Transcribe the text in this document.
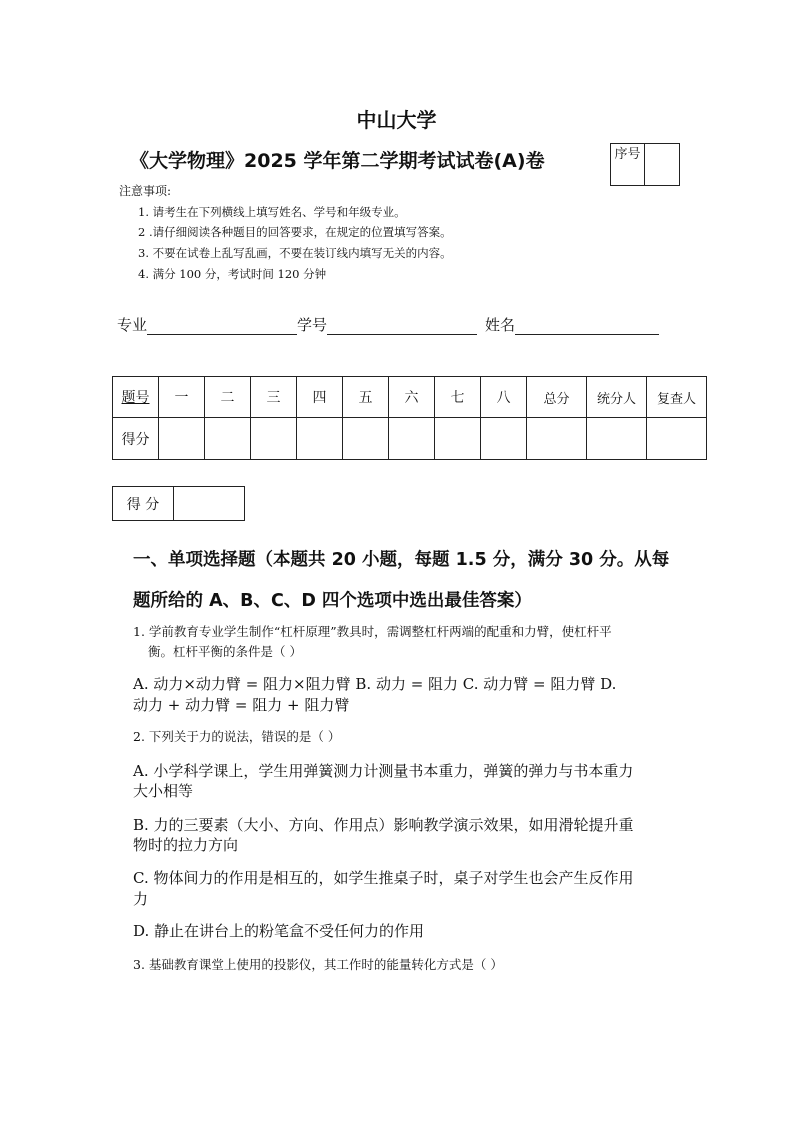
中山大学
《大学物理》2025 学年第二学期考试试卷(A)卷	序号
注意事项:
1. 请考生在下列横线上填写姓名、学号和年级专业。
2 .请仔细阅读各种题目的回答要求，在规定的位置填写答案。
3. 不要在试卷上乱写乱画，不要在装订线内填写无关的内容。
4. 满分 100 分，考试时间 120 分钟
专业	学号	姓名
题号	一	二	三	四	五	六	七	八	总分	统分人	复查人
得分											
得 分
一、单项选择题（本题共 20 小题，每题 1.5 分，满分 30 分。从每
题所给的 A、B、C、D 四个选项中选出最佳答案）
1. 学前教育专业学生制作“杠杆原理”教具时，需调整杠杆两端的配重和力臂，使杠杆平
衡。杠杆平衡的条件是（ ）
A. 动力×动力臂 = 阻力×阻力臂 B. 动力 = 阻力 C. 动力臂 = 阻力臂 D.
动力 + 动力臂 = 阻力 + 阻力臂
2. 下列关于力的说法，错误的是（ ）
A. 小学科学课上，学生用弹簧测力计测量书本重力，弹簧的弹力与书本重力
大小相等
B. 力的三要素（大小、方向、作用点）影响教学演示效果，如用滑轮提升重
物时的拉力方向
C. 物体间力的作用是相互的，如学生推桌子时，桌子对学生也会产生反作用
力
D. 静止在讲台上的粉笔盒不受任何力的作用
3. 基础教育课堂上使用的投影仪，其工作时的能量转化方式是（ ）
